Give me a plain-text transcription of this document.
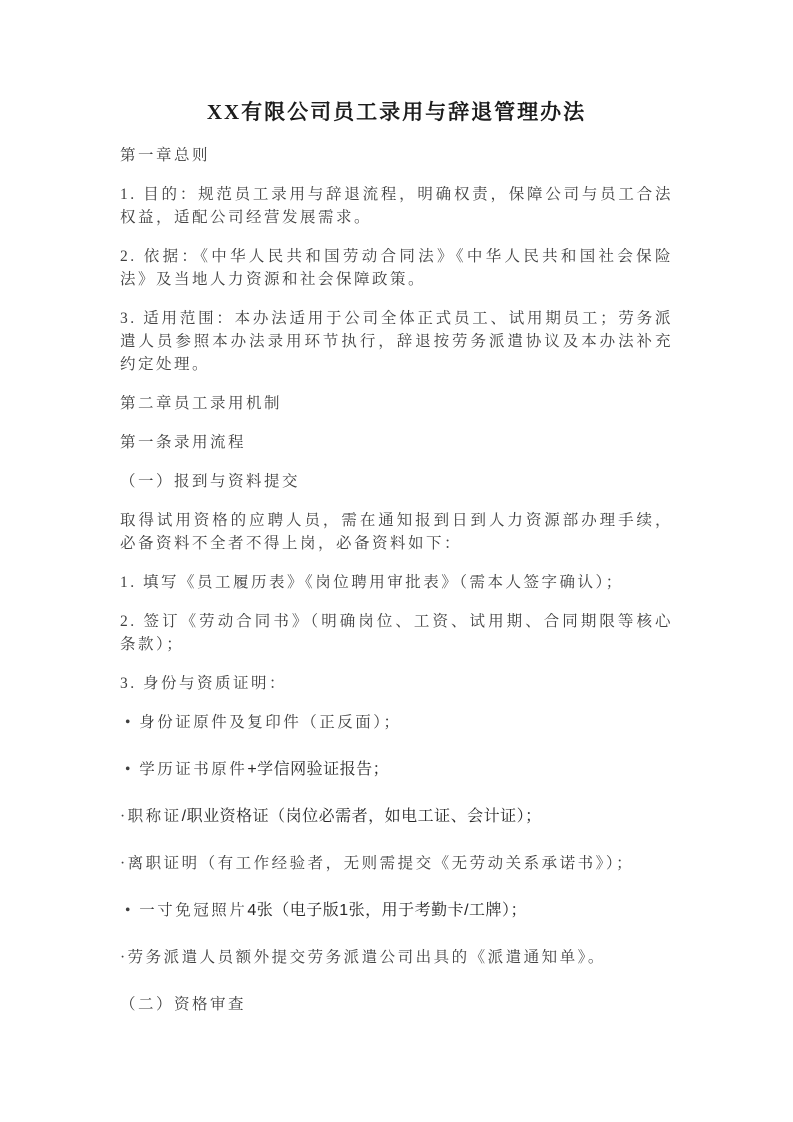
XX有限公司员工录用与辞退管理办法

第一章总则

1. 目的：规范员工录用与辞退流程，明确权责，保障公司与员工合法权益，适配公司经营发展需求。

2. 依据：《中华人民共和国劳动合同法》《中华人民共和国社会保险法》及当地人力资源和社会保障政策。

3. 适用范围：本办法适用于公司全体正式员工、试用期员工；劳务派遣人员参照本办法录用环节执行，辞退按劳务派遣协议及本办法补充约定处理。

第二章员工录用机制

第一条录用流程

（一）报到与资料提交

取得试用资格的应聘人员，需在通知报到日到人力资源部办理手续，必备资料不全者不得上岗，必备资料如下：

1. 填写《员工履历表》《岗位聘用审批表》（需本人签字确认）；

2. 签订《劳动合同书》（明确岗位、工资、试用期、合同期限等核心条款）；

3. 身份与资质证明：

• 身份证原件及复印件（正反面）；

• 学历证书原件+学信网验证报告；

·职称证/职业资格证（岗位必需者，如电工证、会计证）；

·离职证明（有工作经验者，无则需提交《无劳动关系承诺书》）；

• 一寸免冠照片4张（电子版1张，用于考勤卡/工牌）；

·劳务派遣人员额外提交劳务派遣公司出具的《派遣通知单》。

（二）资格审查
